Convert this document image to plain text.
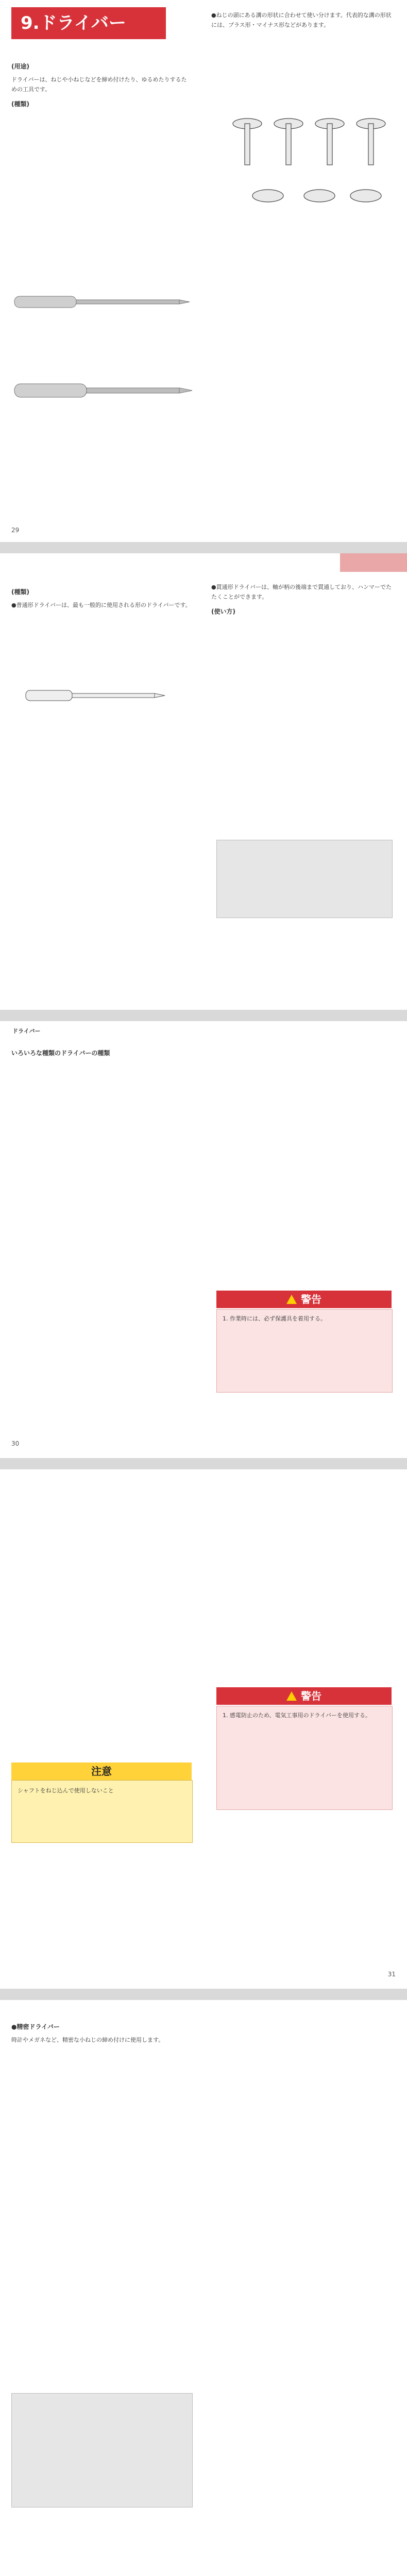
9.ドライバー
(用途)

ドライバーは、ねじや小ねじなどを締め付けたり、ゆるめたりするための工具です。

(種類)

●ねじの頭にある溝の形状に合わせて使い分けます。代表的な溝の形状には、プラス形・マイナス形などがあります。

29
(種類)

●普通形ドライバーは、最も一般的に使用される形のドライバーです。

●貫通形ドライバーは、軸が柄の後端まで貫通しており、ハンマーでたたくことができます。

(使い方)
ドライバー
いろいろな種類のドライバーの種類
警告
1. 作業時には、必ず保護具を着用する。
30
注意
シャフトをねじ込んで使用しないこと
警告
1. 感電防止のため、電気工事用のドライバーを使用する。
31
●精密ドライバー

時計やメガネなど、精密な小ねじの締め付けに使用します。
